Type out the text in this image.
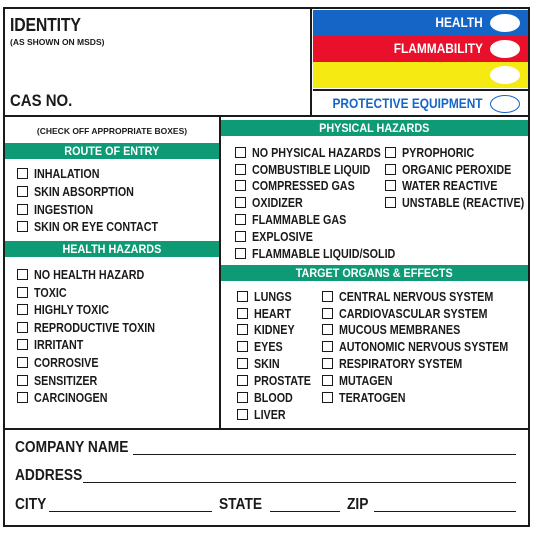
IDENTITY
(AS SHOWN ON MSDS)
CAS NO.
HEALTH
FLAMMABILITY
PROTECTIVE EQUIPMENT
(CHECK OFF APPROPRIATE BOXES)
ROUTE OF ENTRY
INHALATION
SKIN ABSORPTION
INGESTION
SKIN OR EYE CONTACT
HEALTH HAZARDS
NO HEALTH HAZARD
TOXIC
HIGHLY TOXIC
REPRODUCTIVE TOXIN
IRRITANT
CORROSIVE
SENSITIZER
CARCINOGEN
PHYSICAL HAZARDS
NO PHYSICAL HAZARDS
COMBUSTIBLE LIQUID
COMPRESSED GAS
OXIDIZER
FLAMMABLE GAS
EXPLOSIVE
FLAMMABLE LIQUID/SOLID
PYROPHORIC
ORGANIC PEROXIDE
WATER REACTIVE
UNSTABLE (REACTIVE)
TARGET ORGANS & EFFECTS
LUNGS
HEART
KIDNEY
EYES
SKIN
PROSTATE
BLOOD
LIVER
CENTRAL NERVOUS SYSTEM
CARDIOVASCULAR SYSTEM
MUCOUS MEMBRANES
AUTONOMIC NERVOUS SYSTEM
RESPIRATORY SYSTEM
MUTAGEN
TERATOGEN
COMPANY NAME
ADDRESS
CITY	STATE	ZIP
